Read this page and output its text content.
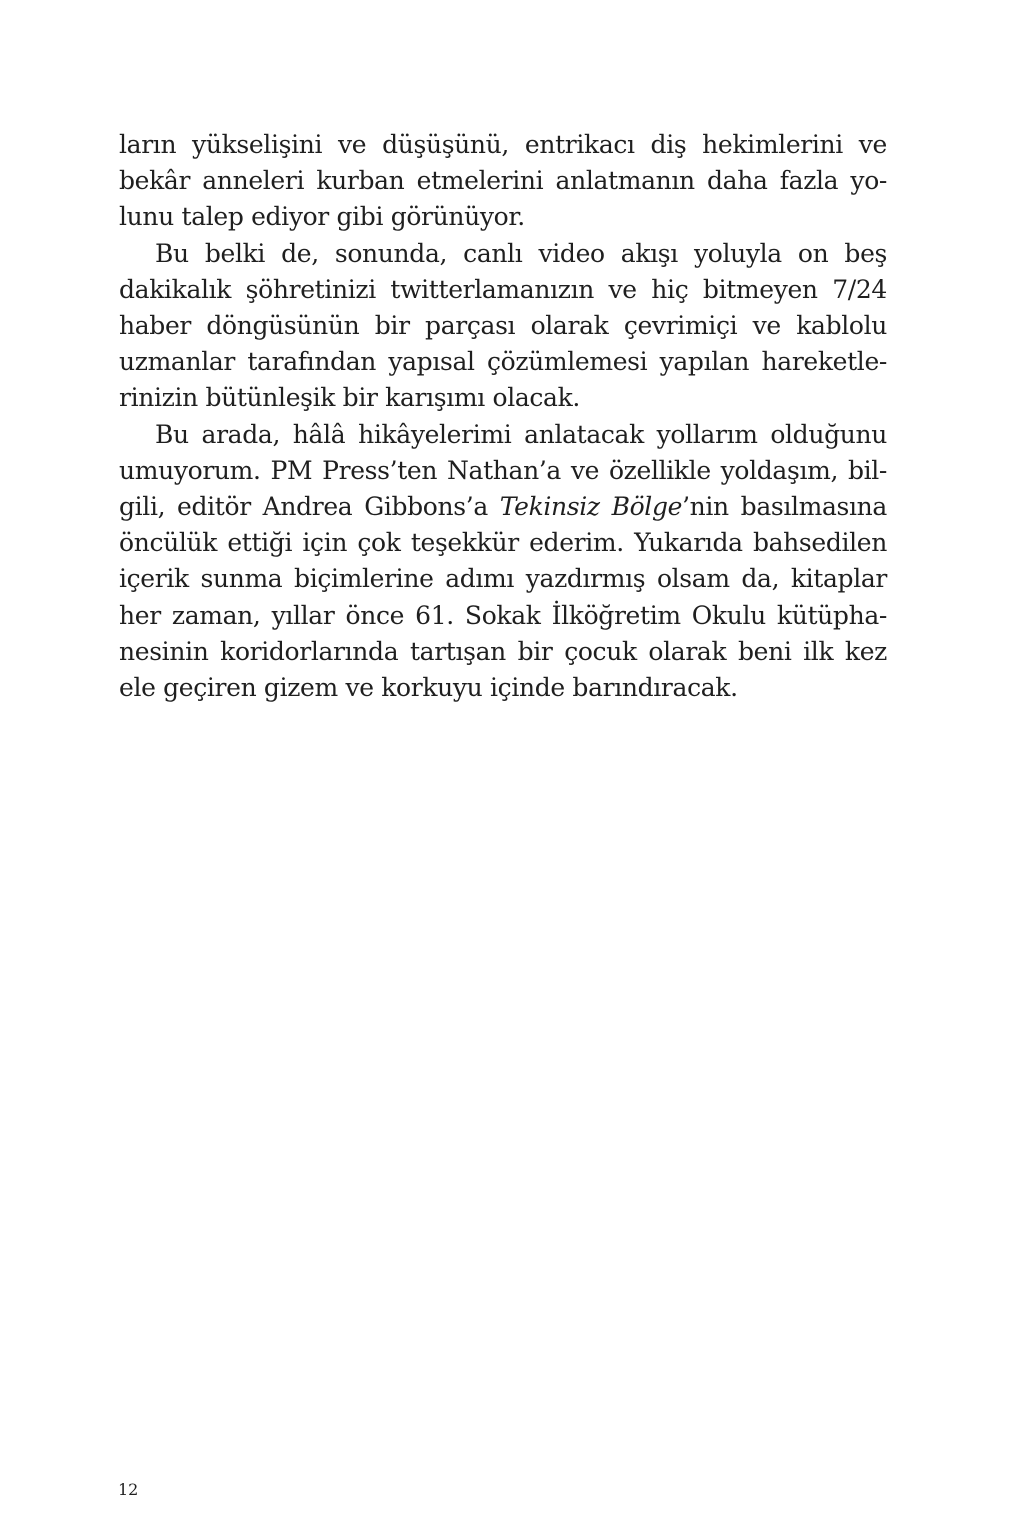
ların yükselişini ve düşüşünü, entrikacı diş hekimlerini ve
bekâr anneleri kurban etmelerini anlatmanın daha fazla yo-
lunu talep ediyor gibi görünüyor.
Bu belki de, sonunda, canlı video akışı yoluyla on beş
dakikalık şöhretinizi twitterlamanızın ve hiç bitmeyen 7/24
haber döngüsünün bir parçası olarak çevrimiçi ve kablolu
uzmanlar tarafından yapısal çözümlemesi yapılan hareketle-
rinizin bütünleşik bir karışımı olacak.
Bu arada, hâlâ hikâyelerimi anlatacak yollarım olduğunu
umuyorum. PM Press’ten Nathan’a ve özellikle yoldaşım, bil-
gili, editör Andrea Gibbons’a Tekinsiz Bölge’nin basılmasına
öncülük ettiği için çok teşekkür ederim. Yukarıda bahsedilen
içerik sunma biçimlerine adımı yazdırmış olsam da, kitaplar
her zaman, yıllar önce 61. Sokak İlköğretim Okulu kütüpha-
nesinin koridorlarında tartışan bir çocuk olarak beni ilk kez
ele geçiren gizem ve korkuyu içinde barındıracak.
12
